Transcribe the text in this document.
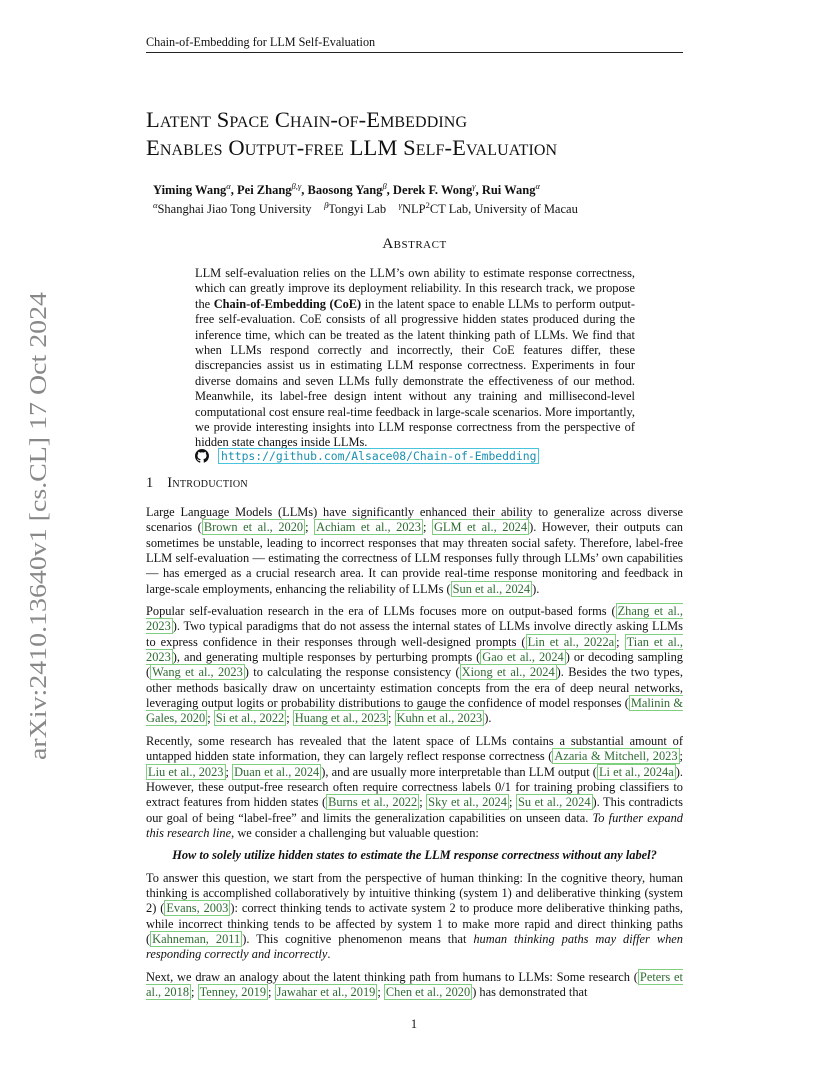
Chain-of-Embedding for LLM Self-Evaluation
arXiv:2410.13640v1 [cs.CL] 17 Oct 2024
Latent Space Chain-of-Embedding
Enables Output-free LLM Self-Evaluation
Yiming Wang$^\alpha$, Pei Zhang$^{\beta,\gamma}$, Baosong Yang$^\beta$, Derek F. Wong$^\gamma$, Rui Wang$^\alpha$
$^\alpha$Shanghai Jiao Tong University $^\beta$Tongyi Lab $^\gamma$NLP$^2$CT Lab, University of Macau
Abstract
LLM self-evaluation relies on the LLM’s own ability to estimate response correctness, which can greatly improve its deployment reliability. In this research track, we propose the Chain-of-Embedding (CoE) in the latent space to enable LLMs to perform output-free self-evaluation. CoE consists of all progressive hidden states produced during the inference time, which can be treated as the latent thinking path of LLMs. We find that when LLMs respond correctly and incorrectly, their CoE features differ, these discrepancies assist us in estimating LLM response correctness. Experiments in four diverse domains and seven LLMs fully demonstrate the effectiveness of our method. Meanwhile, its label-free design intent without any training and millisecond-level computational cost ensure real-time feedback in large-scale scenarios. More importantly, we provide interesting insights into LLM response correctness from the perspective of hidden state changes inside LLMs.
https://github.com/Alsace08/Chain-of-Embedding
1 Introduction

Large Language Models (LLMs) have significantly enhanced their ability to generalize across diverse scenarios ( Brown et al., 2020 ; Achiam et al., 2023 ; GLM et al., 2024 ). However, their outputs can sometimes be unstable, leading to incorrect responses that may threaten social safety. Therefore, label-free LLM self-evaluation — estimating the correctness of LLM responses fully through LLMs’ own capabilities — has emerged as a crucial research area. It can provide real-time response monitoring and feedback in large-scale employments, enhancing the reliability of LLMs ( Sun et al., 2024 ).

Popular self-evaluation research in the era of LLMs focuses more on output-based forms ( Zhang et al., 2023 ). Two typical paradigms that do not assess the internal states of LLMs involve directly asking LLMs to express confidence in their responses through well-designed prompts ( Lin et al., 2022a ; Tian et al., 2023 ), and generating multiple responses by perturbing prompts ( Gao et al., 2024 ) or decoding sampling ( Wang et al., 2023 ) to calculating the response consistency ( Xiong et al., 2024 ). Besides the two types, other methods basically draw on uncertainty estimation concepts from the era of deep neural networks, leveraging output logits or probability distributions to gauge the confidence of model responses ( Malinin & Gales, 2020 ; Si et al., 2022 ; Huang et al., 2023 ; Kuhn et al., 2023 ).

Recently, some research has revealed that the latent space of LLMs contains a substantial amount of untapped hidden state information, they can largely reflect response correctness ( Azaria & Mitchell, 2023 ; Liu et al., 2023 ; Duan et al., 2024 ), and are usually more interpretable than LLM output ( Li et al., 2024a ). However, these output-free research often require correctness labels 0/1 for training probing classifiers to extract features from hidden states ( Burns et al., 2022 ; Sky et al., 2024 ; Su et al., 2024 ). This contradicts our goal of being “label-free” and limits the generalization capabilities on unseen data. To further expand this research line, we consider a challenging but valuable question:

How to solely utilize hidden states to estimate the LLM response correctness without any label?

To answer this question, we start from the perspective of human thinking: In the cognitive theory, human thinking is accomplished collaboratively by intuitive thinking (system 1) and deliberative thinking (system 2) ( Evans, 2003 ): correct thinking tends to activate system 2 to produce more deliberative thinking paths, while incorrect thinking tends to be affected by system 1 to make more rapid and direct thinking paths ( Kahneman, 2011 ). This cognitive phenomenon means that human thinking paths may differ when responding correctly and incorrectly.

Next, we draw an analogy about the latent thinking path from humans to LLMs: Some research ( Peters et al., 2018 ; Tenney, 2019 ; Jawahar et al., 2019 ; Chen et al., 2020 ) has demonstrated that

1
